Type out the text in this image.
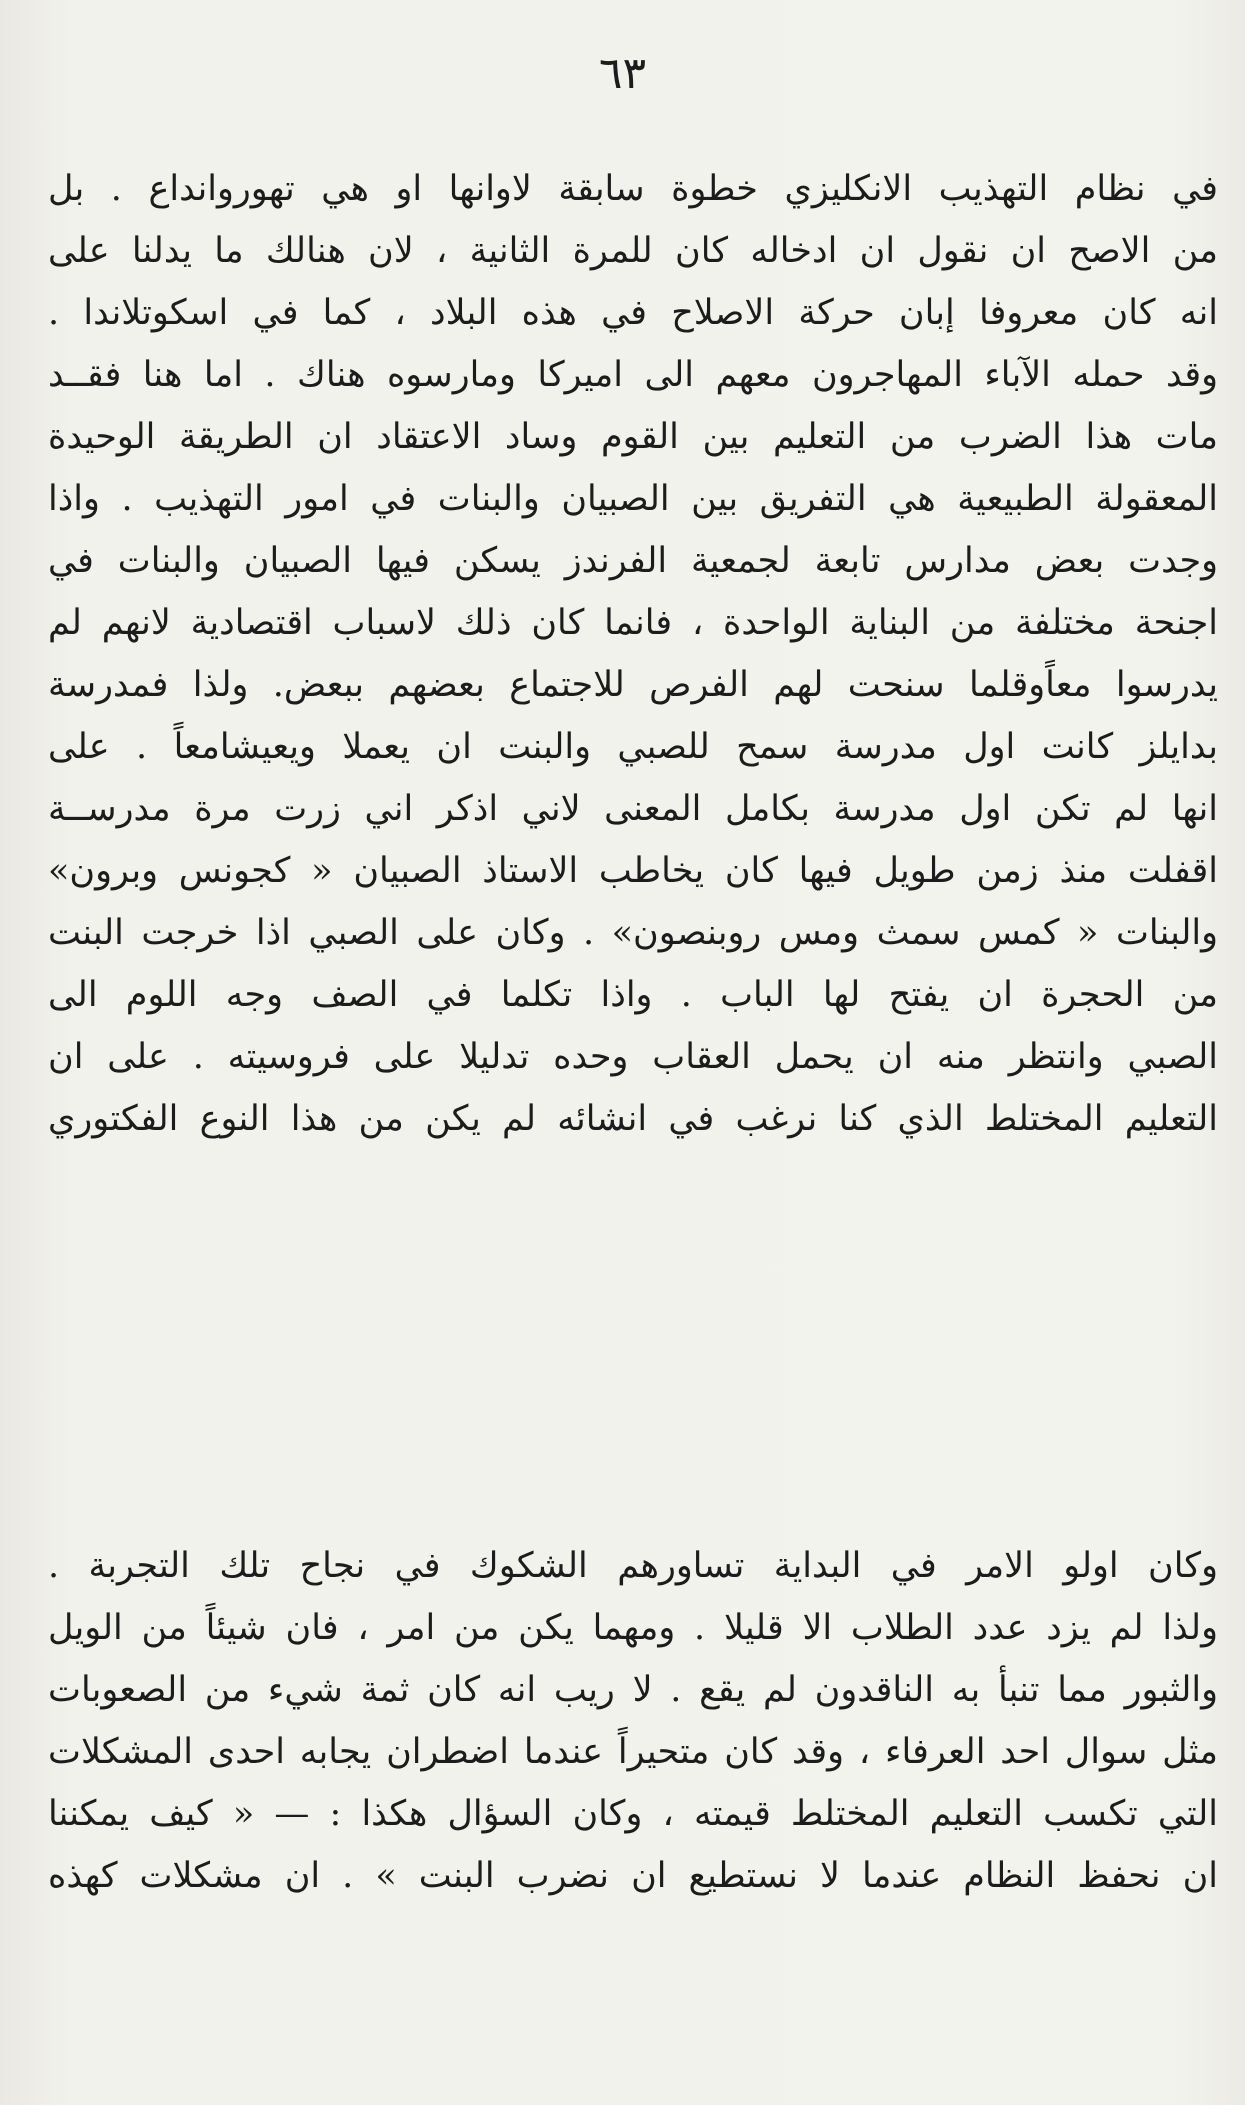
٦٣
في نظام التهذيب الانكليزي خطوة سابقة لاوانها او هي تهوروانداع . بل
من الاصح ان نقول ان ادخاله كان للمرة الثانية ، لان هنالك ما يدلنا على
انه كان معروفا إبان حركة الاصلاح في هذه البلاد ، كما في اسكوتلاندا .
وقد حمله الآباء المهاجرون معهم الى اميركا ومارسوه هناك . اما هنا فقــد
مات هذا الضرب من التعليم بين القوم وساد الاعتقاد ان الطريقة الوحيدة
المعقولة الطبيعية هي التفريق بين الصبيان والبنات في امور التهذيب . واذا
وجدت بعض مدارس تابعة لجمعية الفرندز يسكن فيها الصبيان والبنات في
اجنحة مختلفة من البناية الواحدة ، فانما كان ذلك لاسباب اقتصادية لانهم لم
يدرسوا معاًوقلما سنحت لهم الفرص للاجتماع بعضهم ببعض. ولذا فمدرسة
بدايلز كانت اول مدرسة سمح للصبي والبنت ان يعملا ويعيشامعاً . على
انها لم تكن اول مدرسة بكامل المعنى لاني اذكر اني زرت مرة مدرســة
اقفلت منذ زمن طويل فيها كان يخاطب الاستاذ الصبيان « كجونس وبرون»
والبنات « كمس سمث ومس روبنصون» . وكان على الصبي اذا خرجت البنت
من الحجرة ان يفتح لها الباب . واذا تكلما في الصف وجه اللوم الى
الصبي وانتظر منه ان يحمل العقاب وحده تدليلا على فروسيته . على ان
التعليم المختلط الذي كنا نرغب في انشائه لم يكن من هذا النوع الفكتوري
وكان اولو الامر في البداية تساورهم الشكوك في نجاح تلك التجربة .
ولذا لم يزد عدد الطلاب الا قليلا . ومهما يكن من امر ، فان شيئاً من الويل
والثبور مما تنبأ به الناقدون لم يقع . لا ريب انه كان ثمة شيء من الصعوبات
مثل سوال احد العرفاء ، وقد كان متحيراً عندما اضطران يجابه احدى المشكلات
التي تكسب التعليم المختلط قيمته ، وكان السؤال هكذا : — « كيف يمكننا
ان نحفظ النظام عندما لا نستطيع ان نضرب البنت » . ان مشكلات كهذه
